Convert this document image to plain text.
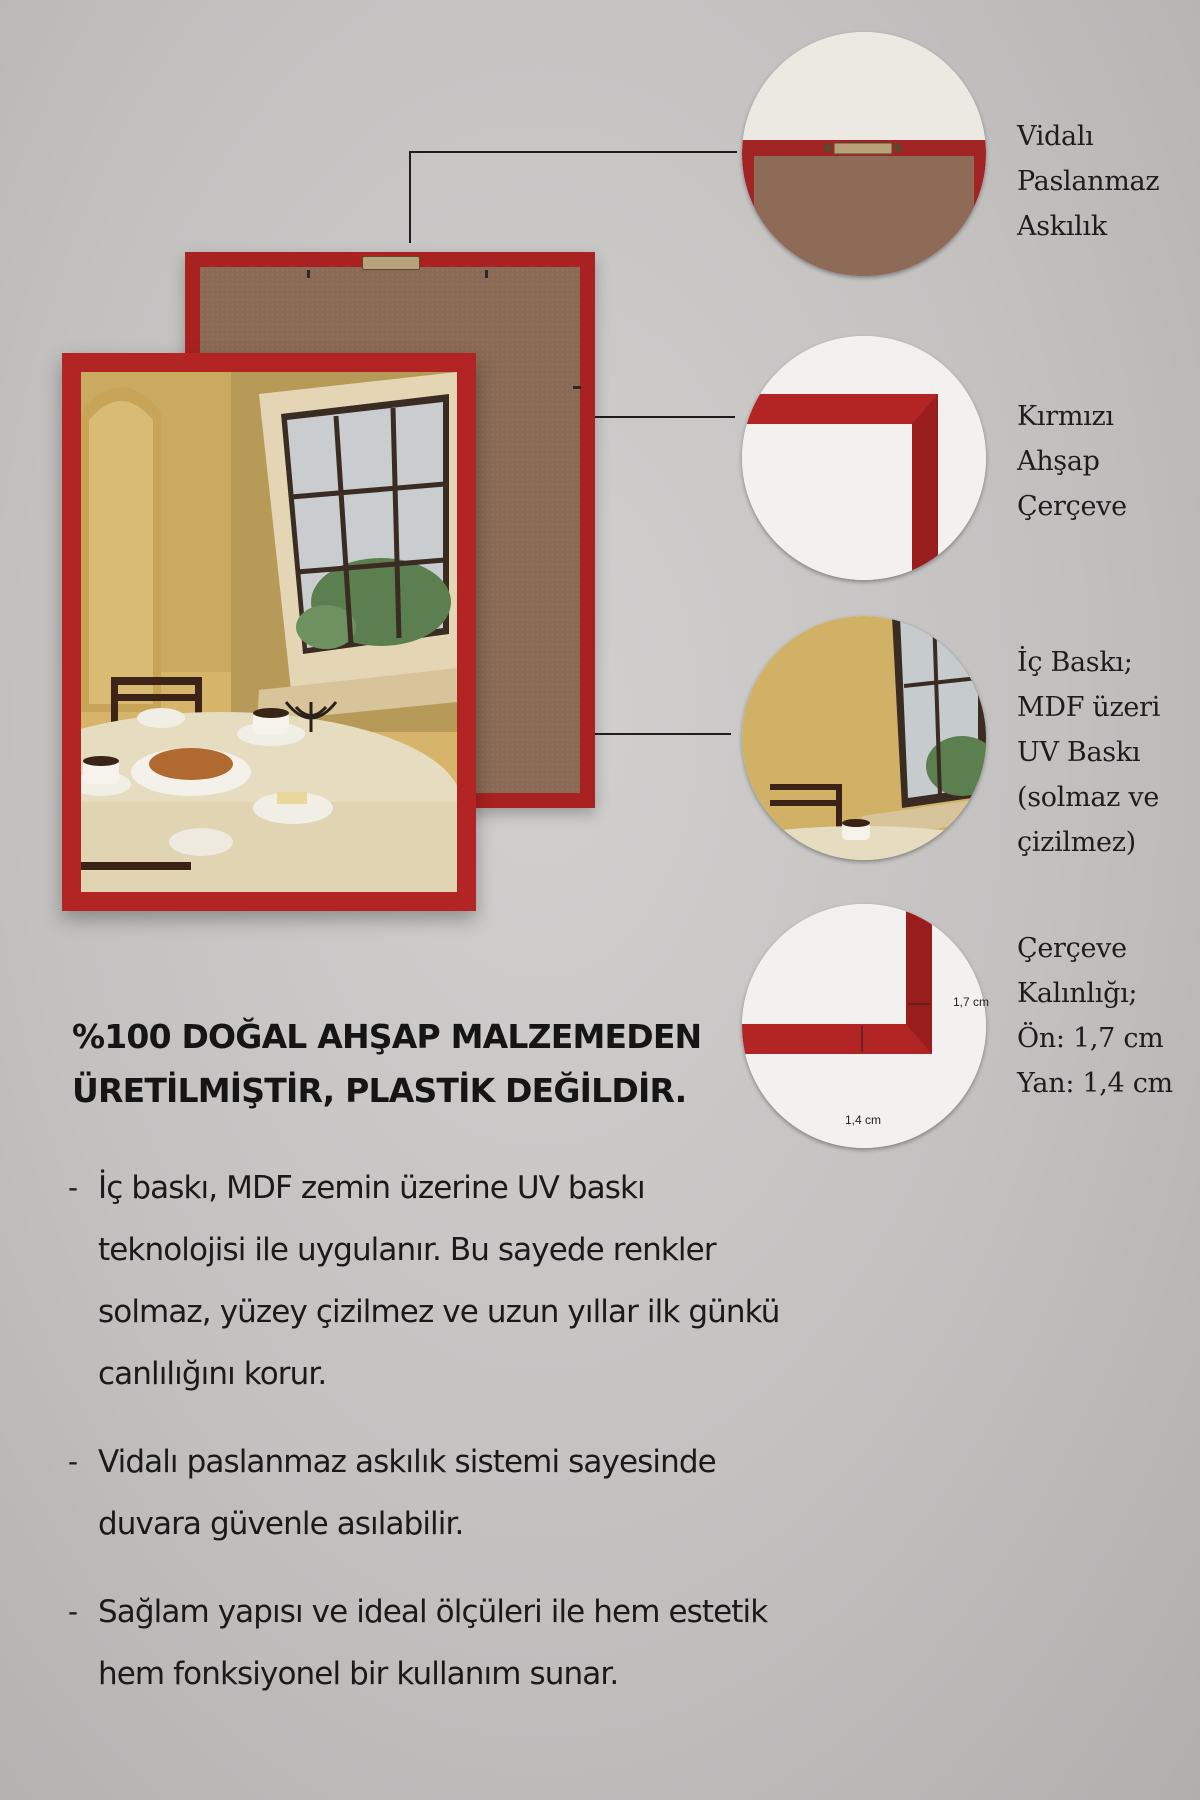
1,7 cm
1,4 cm
Vidalı
Paslanmaz
Askılık
Kırmızı
Ahşap
Çerçeve
İç Baskı;
MDF üzeri
UV Baskı
(solmaz ve
çizilmez)
Çerçeve
Kalınlığı;
Ön: 1,7 cm
Yan: 1,4 cm
%100 DOĞAL AHŞAP MALZEMEDEN ÜRETİLMİŞTİR, PLASTİK DEĞİLDİR.
- İç baskı, MDF zemin üzerine UV baskı teknolojisi ile uygulanır. Bu sayede renkler solmaz, yüzey çizilmez ve uzun yıllar ilk günkü canlılığını korur.
- Vidalı paslanmaz askılık sistemi sayesinde duvara güvenle asılabilir.
- Sağlam yapısı ve ideal ölçüleri ile hem estetik hem fonksiyonel bir kullanım sunar.
